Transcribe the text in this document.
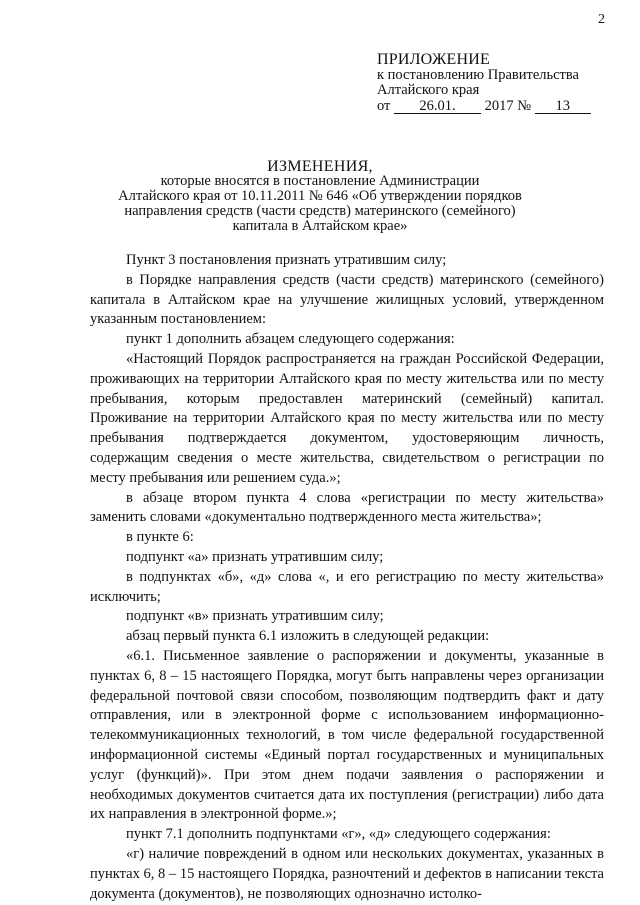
2
ПРИЛОЖЕНИЕ
к постановлению Правительства
Алтайского края
от 26.01. 2017 № 13
ИЗМЕНЕНИЯ,
которые вносятся в постановление Администрации
Алтайского края от 10.11.2011 № 646 «Об утверждении порядков
направления средств (части средств) материнского (семейного)
капитала в Алтайском крае»

Пункт 3 постановления признать утратившим силу;

в Порядке направления средств (части средств) материнского (семейного) капитала в Алтайском крае на улучшение жилищных условий, утвержденном указанным постановлением:

пункт 1 дополнить абзацем следующего содержания:

«Настоящий Порядок распространяется на граждан Российской Федерации, проживающих на территории Алтайского края по месту жительства или по месту пребывания, которым предоставлен материнский (семейный) капитал. Проживание на территории Алтайского края по месту жительства или по месту пребывания подтверждается документом, удостоверяющим личность, содержащим сведения о месте жительства, свидетельством о регистрации по месту пребывания или решением суда.»;

в абзаце втором пункта 4 слова «регистрации по месту жительства» заменить словами «документально подтвержденного места жительства»;

в пункте 6:

подпункт «а» признать утратившим силу;

в подпунктах «б», «д» слова «, и его регистрацию по месту жительства» исключить;

подпункт «в» признать утратившим силу;

абзац первый пункта 6.1 изложить в следующей редакции:

«6.1. Письменное заявление о распоряжении и документы, указанные в пунктах 6, 8 – 15 настоящего Порядка, могут быть направлены через организации федеральной почтовой связи способом, позволяющим подтвердить факт и дату отправления, или в электронной форме с использованием информационно-телекоммуникационных технологий, в том числе федеральной государственной информационной системы «Единый портал государственных и муниципальных услуг (функций)». При этом днем подачи заявления о распоряжении и необходимых документов считается дата их поступления (регистрации) либо дата их направления в электронной форме.»;

пункт 7.1 дополнить подпунктами «г», «д» следующего содержания:

«г) наличие повреждений в одном или нескольких документах, указанных в пунктах 6, 8 – 15 настоящего Порядка, разночтений и дефектов в написании текста документа (документов), не позволяющих однозначно истолко-
